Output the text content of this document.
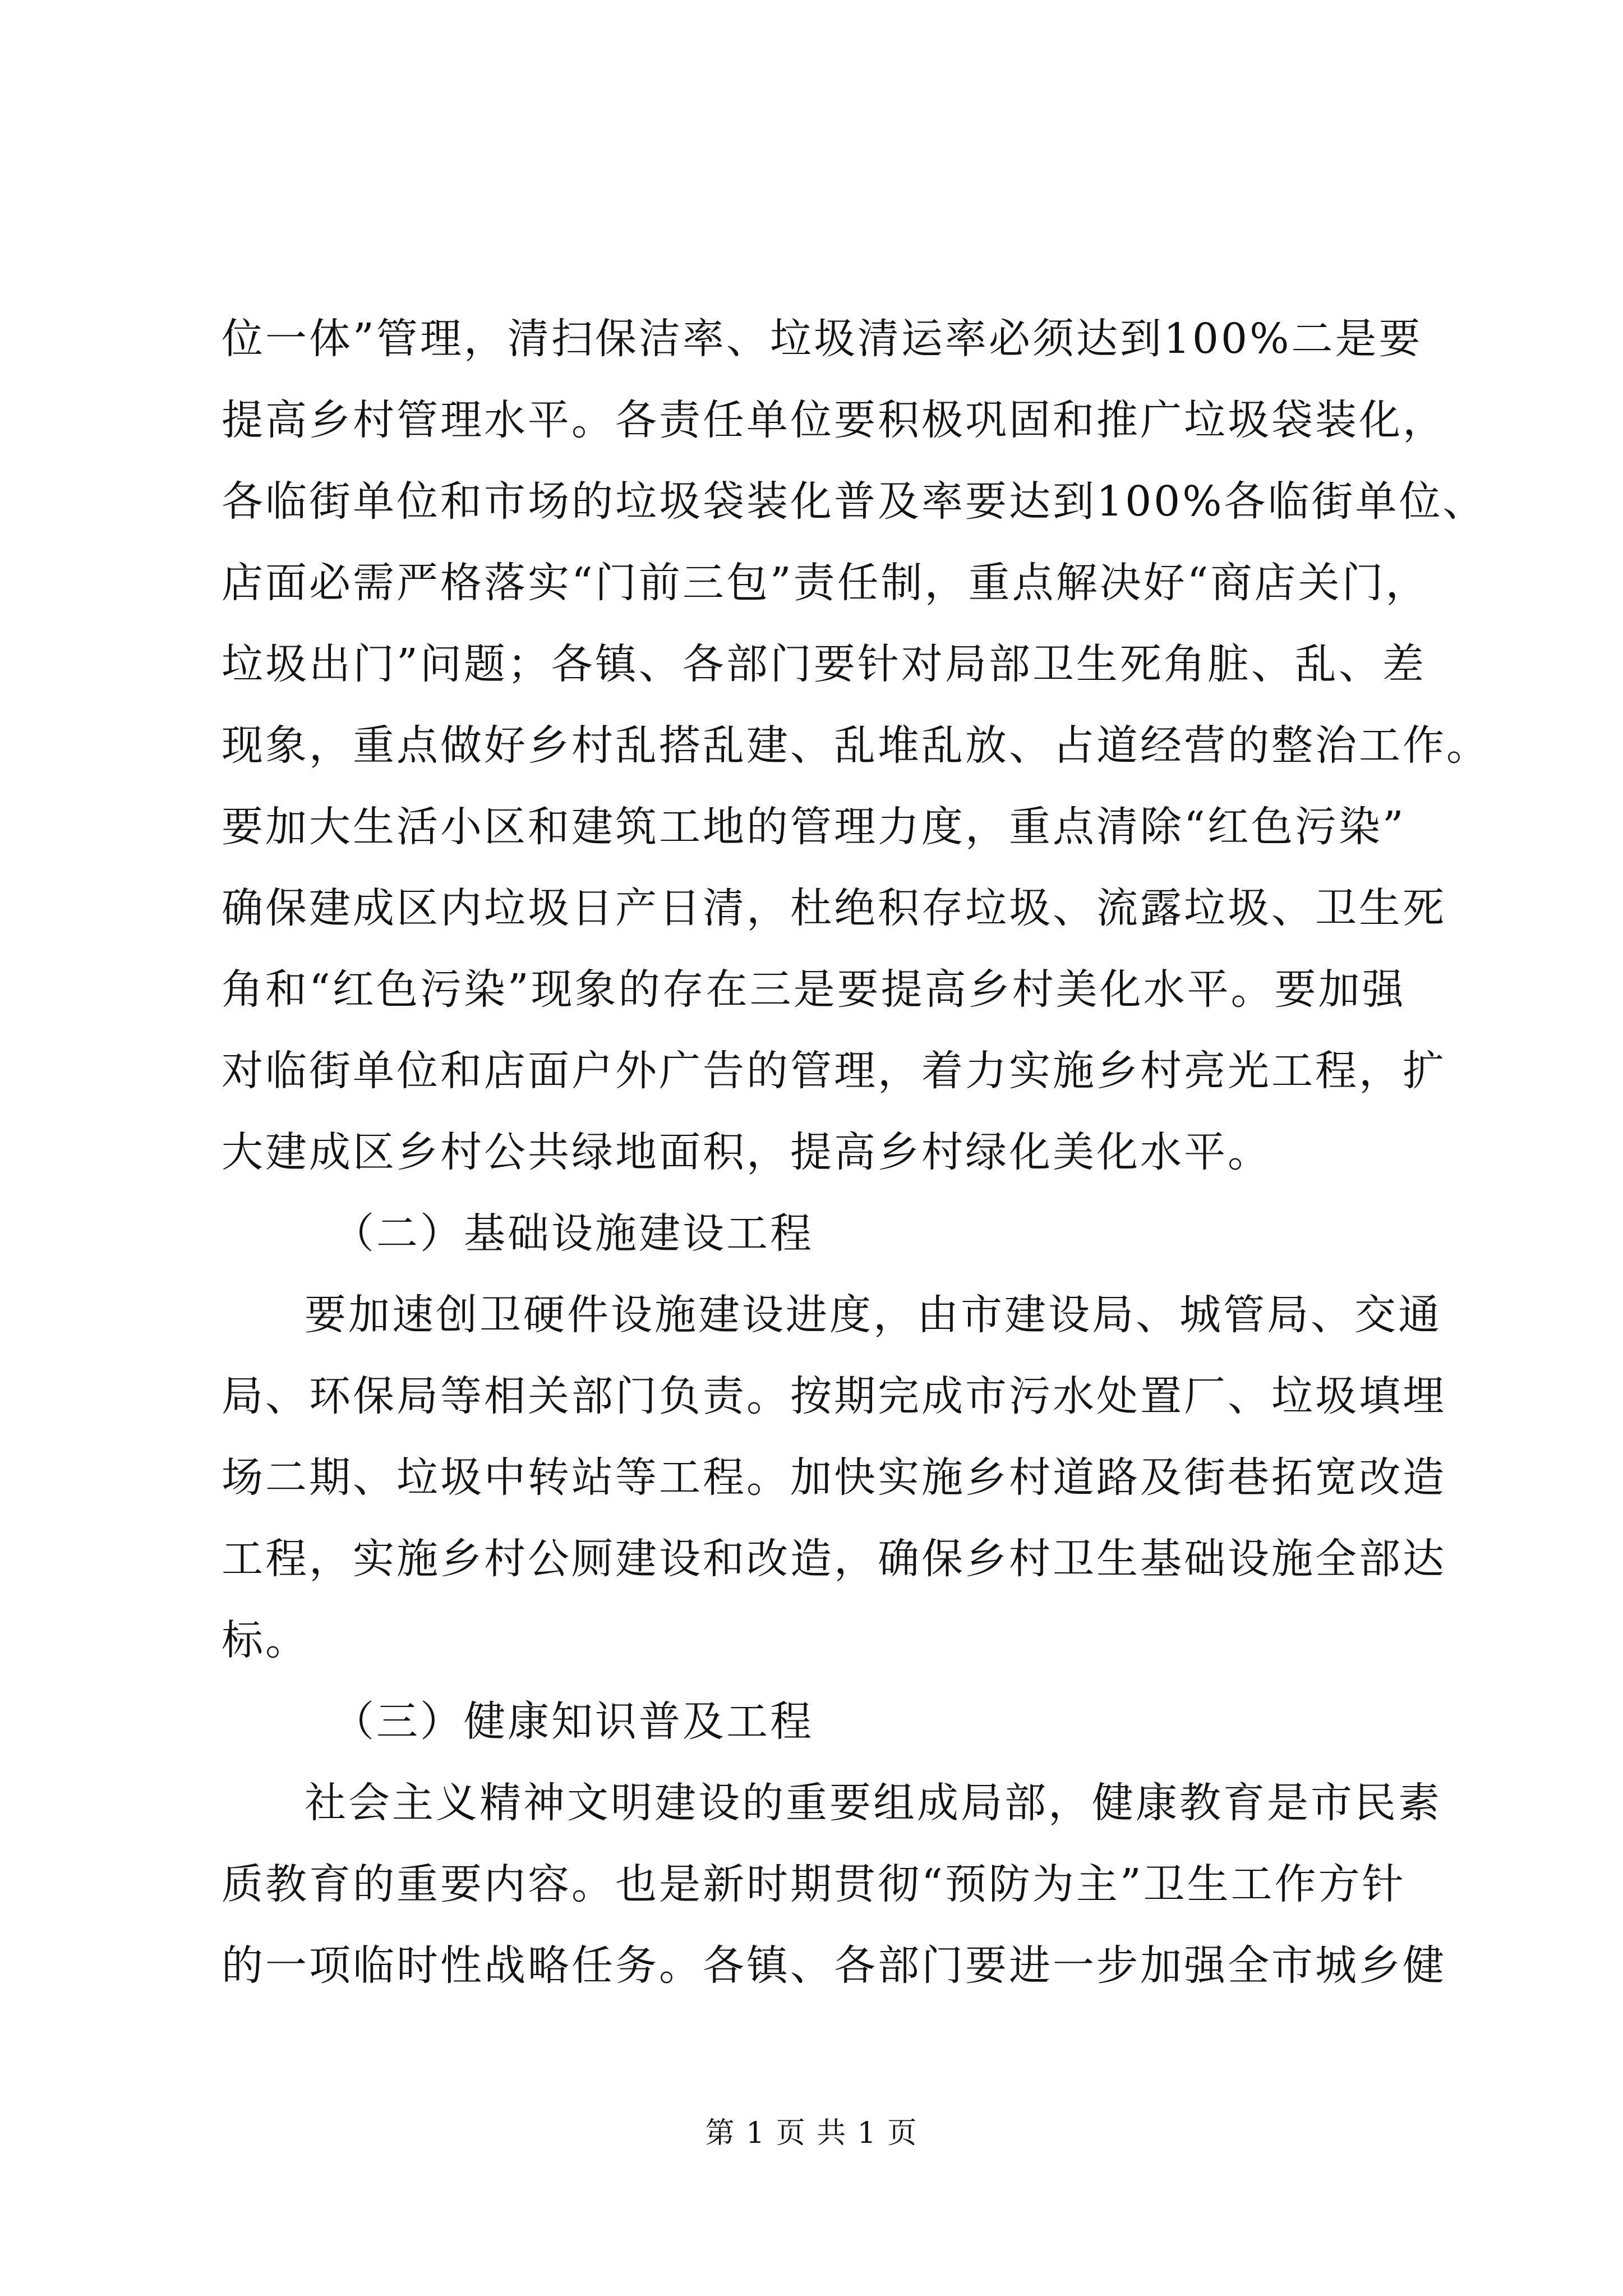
位一体”管理，清扫保洁率、垃圾清运率必须达到100%二是要
提高乡村管理水平。各责任单位要积极巩固和推广垃圾袋装化，
各临街单位和市场的垃圾袋装化普及率要达到100%各临街单位、
店面必需严格落实“门前三包”责任制，重点解决好“商店关门，
垃圾出门”问题；各镇、各部门要针对局部卫生死角脏、乱、差
现象，重点做好乡村乱搭乱建、乱堆乱放、占道经营的整治工作。
要加大生活小区和建筑工地的管理力度，重点清除“红色污染”
确保建成区内垃圾日产日清，杜绝积存垃圾、流露垃圾、卫生死
角和“红色污染”现象的存在三是要提高乡村美化水平。要加强
对临街单位和店面户外广告的管理，着力实施乡村亮光工程，扩
大建成区乡村公共绿地面积，提高乡村绿化美化水平。
（二）基础设施建设工程
要加速创卫硬件设施建设进度，由市建设局、城管局、交通
局、环保局等相关部门负责。按期完成市污水处置厂、垃圾填埋
场二期、垃圾中转站等工程。加快实施乡村道路及街巷拓宽改造
工程，实施乡村公厕建设和改造，确保乡村卫生基础设施全部达
标。
（三）健康知识普及工程
社会主义精神文明建设的重要组成局部，健康教育是市民素
质教育的重要内容。也是新时期贯彻“预防为主”卫生工作方针
的一项临时性战略任务。各镇、各部门要进一步加强全市城乡健
第 1 页 共 1 页
